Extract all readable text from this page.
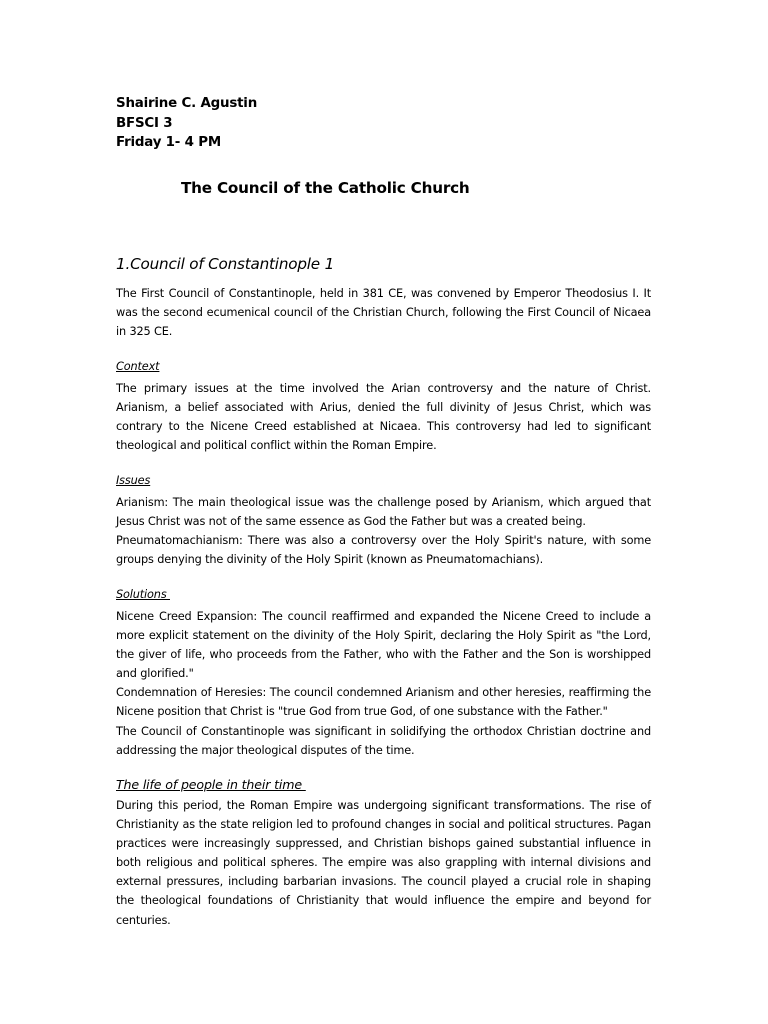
Shairine C. Agustin
BFSCI 3
Friday 1- 4 PM
The Council of the Catholic Church
1.Council of Constantinople 1

The First Council of Constantinople, held in 381 CE, was convened by Emperor Theodosius I. It was the second ecumenical council of the Christian Church, following the First Council of Nicaea in 325 CE.

Context

The primary issues at the time involved the Arian controversy and the nature of Christ. Arianism, a belief associated with Arius, denied the full divinity of Jesus Christ, which was contrary to the Nicene Creed established at Nicaea. This controversy had led to significant theological and political conflict within the Roman Empire.

Issues

Arianism: The main theological issue was the challenge posed by Arianism, which argued that Jesus Christ was not of the same essence as God the Father but was a created being.

Pneumatomachianism: There was also a controversy over the Holy Spirit's nature, with some groups denying the divinity of the Holy Spirit (known as Pneumatomachians).

Solutions

Nicene Creed Expansion: The council reaffirmed and expanded the Nicene Creed to include a more explicit statement on the divinity of the Holy Spirit, declaring the Holy Spirit as "the Lord, the giver of life, who proceeds from the Father, who with the Father and the Son is worshipped and glorified."

Condemnation of Heresies: The council condemned Arianism and other heresies, reaffirming the Nicene position that Christ is "true God from true God, of one substance with the Father."

The Council of Constantinople was significant in solidifying the orthodox Christian doctrine and addressing the major theological disputes of the time.

The life of people in their time

During this period, the Roman Empire was undergoing significant transformations. The rise of Christianity as the state religion led to profound changes in social and political structures. Pagan practices were increasingly suppressed, and Christian bishops gained substantial influence in both religious and political spheres. The empire was also grappling with internal divisions and external pressures, including barbarian invasions. The council played a crucial role in shaping the theological foundations of Christianity that would influence the empire and beyond for centuries.
